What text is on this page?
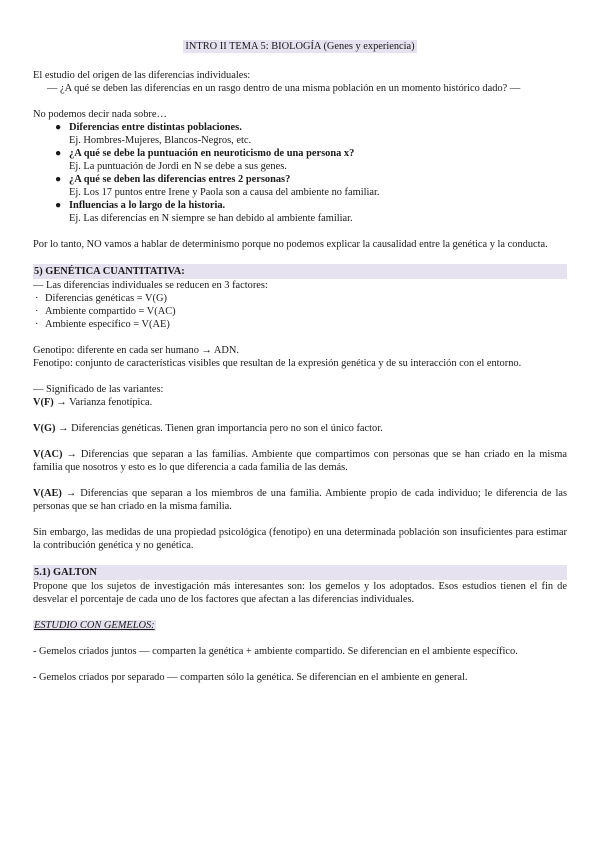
INTRO II TEMA 5: BIOLOGÍA (Genes y experiencia)

El estudio del origen de las diferencias individuales:

— ¿A qué se deben las diferencias en un rasgo dentro de una misma población en un momento histórico dado? —

No podemos decir nada sobre…

● Diferencias entre distintas poblaciones.
Ej. Hombres-Mujeres, Blancos-Negros, etc.
● ¿A qué se debe la puntuación en neuroticismo de una persona x?
Ej. La puntuación de Jordi en N se debe a sus genes.
● ¿A qué se deben las diferencias entres 2 personas?
Ej. Los 17 puntos entre Irene y Paola son a causa del ambiente no familiar.
● Influencias a lo largo de la historia.
Ej. Las diferencias en N siempre se han debido al ambiente familiar.

Por lo tanto, NO vamos a hablar de determinismo porque no podemos explicar la causalidad entre la genética y la conducta.

5) GENÉTICA CUANTITATIVA:

— Las diferencias individuales se reducen en 3 factores:

· Diferencias genéticas = V(G)
· Ambiente compartido = V(AC)
· Ambiente específico = V(AE)

Genotipo: diferente en cada ser humano → ADN.

Fenotipo: conjunto de características visibles que resultan de la expresión genética y de su interacción con el entorno.

— Significado de las variantes:

V(F) → Varianza fenotípica.

V(G) → Diferencias genéticas. Tienen gran importancia pero no son el único factor.

V(AC) → Diferencias que separan a las familias. Ambiente que compartimos con personas que se han criado en la misma familia que nosotros y esto es lo que diferencia a cada familia de las demás.

V(AE) → Diferencias que separan a los miembros de una familia. Ambiente propio de cada individuo; le diferencia de las personas que se han criado en la misma familia.

Sin embargo, las medidas de una propiedad psicológica (fenotipo) en una determinada población son insuficientes para estimar la contribución genética y no genética.

5.1) GALTON

Propone que los sujetos de investigación más interesantes son: los gemelos y los adoptados. Esos estudios tienen el fin de desvelar el porcentaje de cada uno de los factores que afectan a las diferencias individuales.

ESTUDIO CON GEMELOS:

- Gemelos criados juntos — comparten la genética + ambiente compartido. Se diferencian en el ambiente específico.

- Gemelos criados por separado — comparten sólo la genética. Se diferencian en el ambiente en general.
